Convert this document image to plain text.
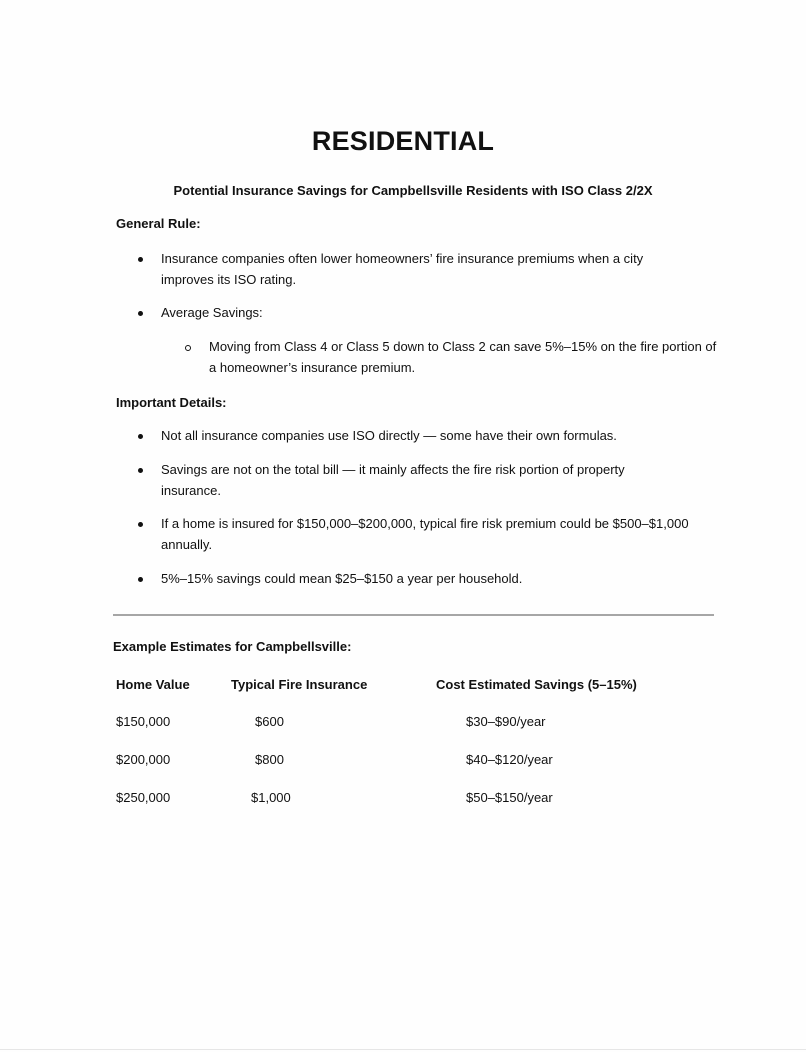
RESIDENTIAL
Potential Insurance Savings for Campbellsville Residents with ISO Class 2/2X
General Rule:
Insurance companies often lower homeowners’ fire insurance premiums when a city improves its ISO rating.
Average Savings:
Moving from Class 4 or Class 5 down to Class 2 can save 5%–15% on the fire portion of a homeowner’s insurance premium.
Important Details:
Not all insurance companies use ISO directly — some have their own formulas.
Savings are not on the total bill — it mainly affects the fire risk portion of property insurance.
If a home is insured for $150,000–$200,000, typical fire risk premium could be $500–$1,000 annually.
5%–15% savings could mean $25–$150 a year per household.
Example Estimates for Campbellsville:
Home Value	Typical Fire Insurance	Cost Estimated Savings (5–15%)
$150,000	$600	$30–$90/year
$200,000	$800	$40–$120/year
$250,000	$1,000	$50–$150/year
